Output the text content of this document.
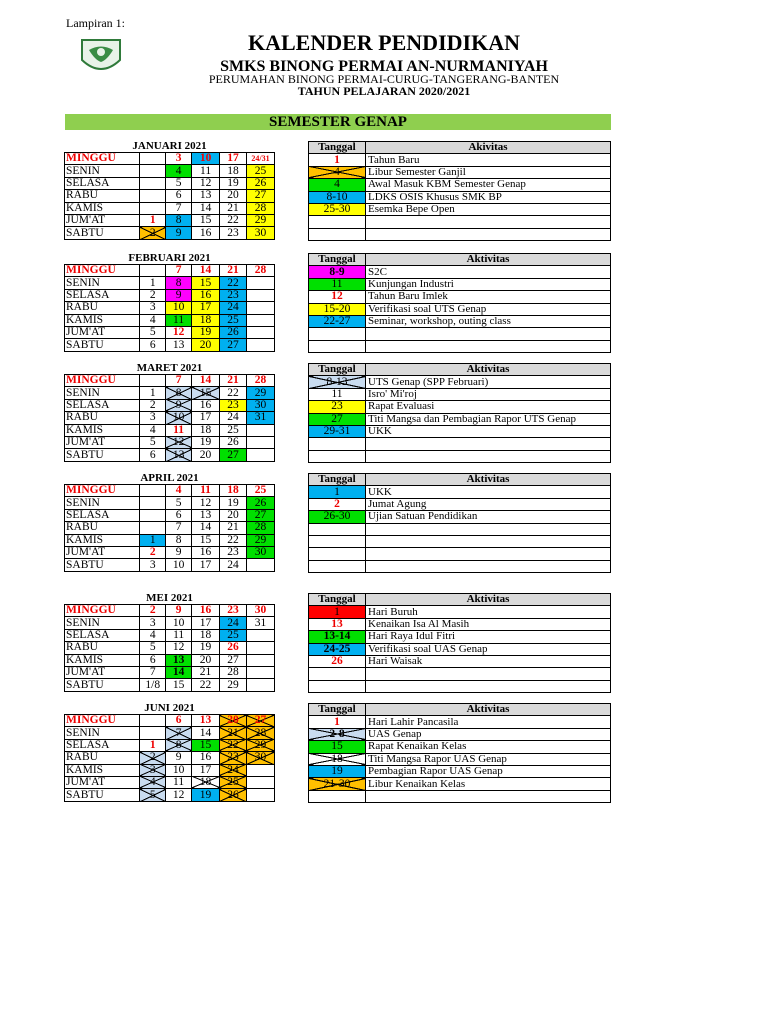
Lampiran 1:
KALENDER PENDIDIKAN
SMKS BINONG PERMAI AN-NURMANIYAH
PERUMAHAN BINONG PERMAI-CURUG-TANGERANG-BANTEN
TAHUN PELAJARAN 2020/2021
SEMESTER GENAP
JANUARI 2021					
MINGGU		3	10	17	24/31
SENIN		4	11	18	25
SELASA		5	12	19	26
RABU		6	13	20	27
KAMIS		7	14	21	28
JUM'AT	1	8	15	22	29
SABTU	2	9	16	23	30
Tanggal	Akivitas
1	Tahun Baru
4	Libur Semester Ganjil
4	Awal Masuk KBM Semester Genap
8-10	LDKS OSIS Khusus SMK BP
25-30	Esemka Bepe Open

FEBRUARI 2021					
MINGGU		7	14	21	28
SENIN	1	8	15	22	
SELASA	2	9	16	23	
RABU	3	10	17	24	
KAMIS	4	11	18	25	
JUM'AT	5	12	19	26	
SABTU	6	13	20	27	
Tanggal	Aktivitas
8-9	S2C
11	Kunjungan Industri
12	Tahun Baru Imlek
15-20	Verifikasi soal UTS Genap
22-27	Seminar, workshop, outing class

MARET 2021					
MINGGU		7	14	21	28
SENIN	1	8	15	22	29
SELASA	2	9	16	23	30
RABU	3	10	17	24	31
KAMIS	4	11	18	25	
JUM'AT	5	12	19	26	
SABTU	6	13	20	27	
Tanggal	Aktivitas
8-13	UTS Genap (SPP Februari)
11	Isro' Mi'roj
23	Rapat Evaluasi
27	Titi Mangsa dan Pembagian Rapor UTS Genap
29-31	UKK

APRIL 2021					
MINGGU		4	11	18	25
SENIN		5	12	19	26
SELASA		6	13	20	27
RABU		7	14	21	28
KAMIS	1	8	15	22	29
JUM'AT	2	9	16	23	30
SABTU	3	10	17	24	
Tanggal	Aktivitas
1	UKK
2	Jumat Agung
26-30	Ujian Satuan Pendidikan

MEI 2021					
MINGGU	2	9	16	23	30
SENIN	3	10	17	24	31
SELASA	4	11	18	25	
RABU	5	12	19	26	
KAMIS	6	13	20	27	
JUM'AT	7	14	21	28	
SABTU	1/8	15	22	29	
Tanggal	Aktivitas
1	Hari Buruh
13	Kenaikan Isa Al Masih
13-14	Hari Raya Idul Fitri
24-25	Verifikasi soal UAS Genap
26	Hari Waisak

JUNI 2021					
MINGGU		6	13	20	27
SENIN		7	14	21	28
SELASA	1	8	15	22	29
RABU	2	9	16	23	30
KAMIS	3	10	17	24	
JUM'AT	4	11	18	25	
SABTU	5	12	19	26	
Tanggal	Aktivitas
1	Hari Lahir Pancasila
2-8	UAS Genap
15	Rapat Kenaikan Kelas
18	Titi Mangsa Rapor UAS Genap
19	Pembagian Rapor UAS Genap
21-30	Libur Kenaikan Kelas
